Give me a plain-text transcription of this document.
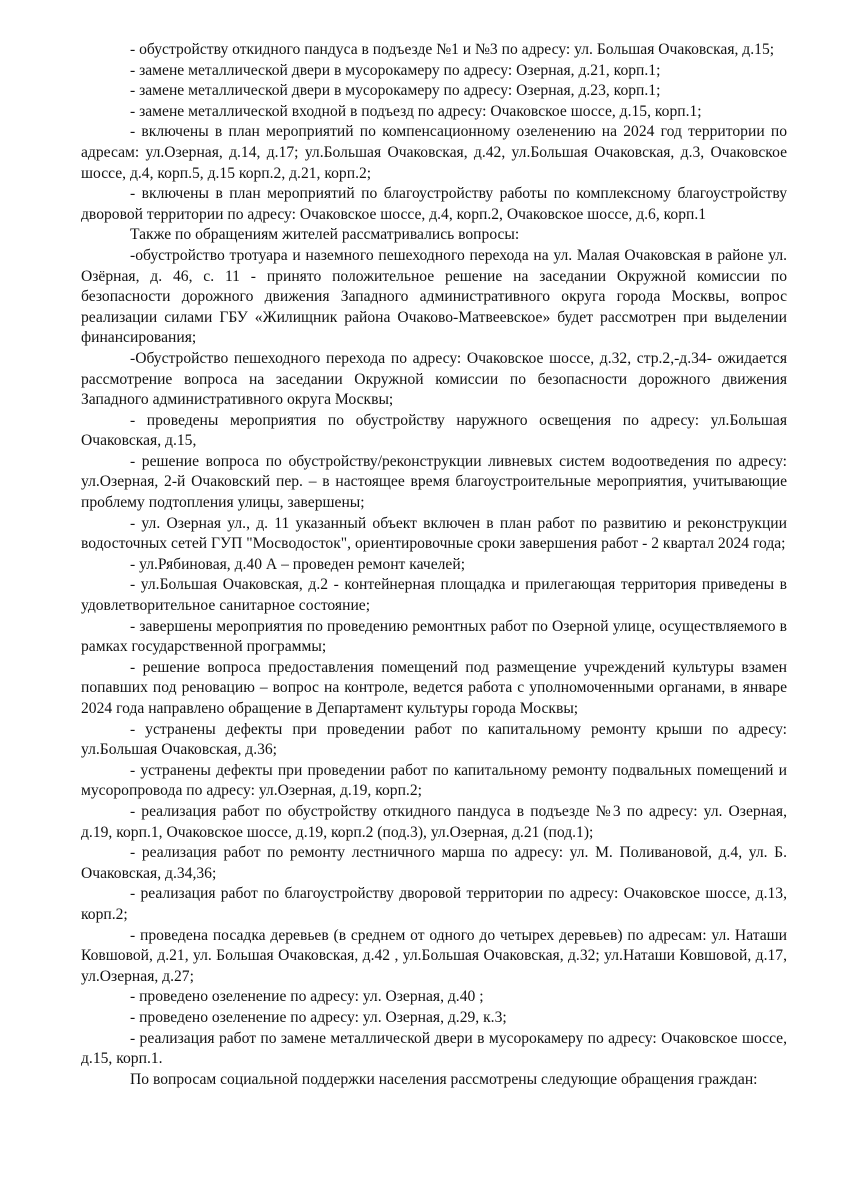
- обустройству откидного пандуса в подъезде №1 и №3 по адресу: ул. Большая Очаковская, д.15;

- замене металлической двери в мусорокамеру по адресу: Озерная, д.21, корп.1;

- замене металлической двери в мусорокамеру по адресу: Озерная, д.23, корп.1;

- замене металлической входной в подъезд по адресу: Очаковское шоссе, д.15, корп.1;

- включены в план мероприятий по компенсационному озеленению на 2024 год территории по адресам: ул.Озерная, д.14, д.17; ул.Большая Очаковская, д.42, ул.Большая Очаковская, д.3, Очаковское шоссе, д.4, корп.5, д.15 корп.2, д.21, корп.2;

- включены в план мероприятий по благоустройству работы по комплексному благоустройству дворовой территории по адресу: Очаковское шоссе, д.4, корп.2, Очаковское шоссе, д.6, корп.1

Также по обращениям жителей рассматривались вопросы:

-обустройство тротуара и наземного пешеходного перехода на ул. Малая Очаковская в районе ул. Озёрная, д. 46, с. 11 - принято положительное решение на заседании Окружной комиссии по безопасности дорожного движения Западного административного округа города Москвы, вопрос реализации силами ГБУ «Жилищник района Очаково-Матвеевское» будет рассмотрен при выделении финансирования;

-Обустройство пешеходного перехода по адресу: Очаковское шоссе, д.32, стр.2,-д.34- ожидается рассмотрение вопроса на заседании Окружной комиссии по безопасности дорожного движения Западного административного округа Москвы;

- проведены мероприятия по обустройству наружного освещения по адресу: ул.Большая Очаковская, д.15,

- решение вопроса по обустройству/реконструкции ливневых систем водоотведения по адресу: ул.Озерная, 2-й Очаковский пер. – в настоящее время благоустроительные мероприятия, учитывающие проблему подтопления улицы, завершены;

- ул. Озерная ул., д. 11 указанный объект включен в план работ по развитию и реконструкции водосточных сетей ГУП "Мосводосток", ориентировочные сроки завершения работ - 2 квартал 2024 года;

- ул.Рябиновая, д.40 А – проведен ремонт качелей;

- ул.Большая Очаковская, д.2 - контейнерная площадка и прилегающая территория приведены в удовлетворительное санитарное состояние;

- завершены мероприятия по проведению ремонтных работ по Озерной улице, осуществляемого в рамках государственной программы;

- решение вопроса предоставления помещений под размещение учреждений культуры взамен попавших под реновацию – вопрос на контроле, ведется работа с уполномоченными органами, в январе 2024 года направлено обращение в Департамент культуры города Москвы;

- устранены дефекты при проведении работ по капитальному ремонту крыши по адресу: ул.Большая Очаковская, д.36;

- устранены дефекты при проведении работ по капитальному ремонту подвальных помещений и мусоропровода по адресу: ул.Озерная, д.19, корп.2;

- реализация работ по обустройству откидного пандуса в подъезде №3 по адресу: ул. Озерная, д.19, корп.1, Очаковское шоссе, д.19, корп.2 (под.3), ул.Озерная, д.21 (под.1);

- реализация работ по ремонту лестничного марша по адресу: ул. М. Поливановой, д.4, ул. Б. Очаковская, д.34,36;

- реализация работ по благоустройству дворовой территории по адресу: Очаковское шоссе, д.13, корп.2;

- проведена посадка деревьев (в среднем от одного до четырех деревьев) по адресам: ул. Наташи Ковшовой, д.21, ул. Большая Очаковская, д.42 , ул.Большая Очаковская, д.32; ул.Наташи Ковшовой, д.17, ул.Озерная, д.27;

- проведено озеленение по адресу: ул. Озерная, д.40 ;

- проведено озеленение по адресу: ул. Озерная, д.29, к.3;

- реализация работ по замене металлической двери в мусорокамеру по адресу: Очаковское шоссе, д.15, корп.1.

По вопросам социальной поддержки населения рассмотрены следующие обращения граждан:
